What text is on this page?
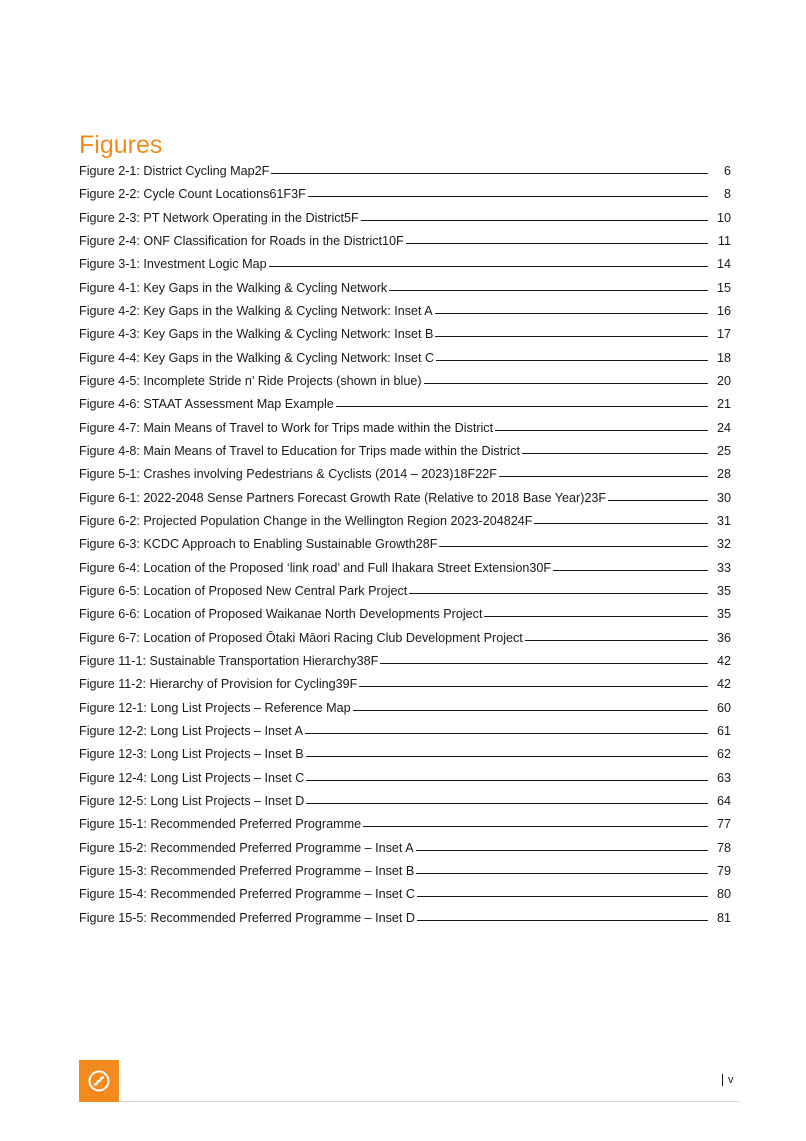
Figures
Figure 2-1: District Cycling Map2F	6
Figure 2-2: Cycle Count Locations61F3F	8
Figure 2-3: PT Network Operating in the District5F	10
Figure 2-4: ONF Classification for Roads in the District10F	11
Figure 3-1: Investment Logic Map	14
Figure 4-1: Key Gaps in the Walking & Cycling Network	15
Figure 4-2: Key Gaps in the Walking & Cycling Network: Inset A	16
Figure 4-3: Key Gaps in the Walking & Cycling Network: Inset B	17
Figure 4-4: Key Gaps in the Walking & Cycling Network: Inset C	18
Figure 4-5: Incomplete Stride n’ Ride Projects (shown in blue)	20
Figure 4-6: STAAT Assessment Map Example	21
Figure 4-7: Main Means of Travel to Work for Trips made within the District	24
Figure 4-8: Main Means of Travel to Education for Trips made within the District	25
Figure 5-1: Crashes involving Pedestrians & Cyclists (2014 – 2023)18F22F	28
Figure 6-1: 2022-2048 Sense Partners Forecast Growth Rate (Relative to 2018 Base Year)23F	30
Figure 6-2: Projected Population Change in the Wellington Region 2023-204824F	31
Figure 6-3: KCDC Approach to Enabling Sustainable Growth28F	32
Figure 6-4: Location of the Proposed ‘link road’ and Full Ihakara Street Extension30F	33
Figure 6-5: Location of Proposed New Central Park Project	35
Figure 6-6: Location of Proposed Waikanae North Developments Project	35
Figure 6-7: Location of Proposed Ōtaki Māori Racing Club Development Project	36
Figure 11-1: Sustainable Transportation Hierarchy38F	42
Figure 11-2: Hierarchy of Provision for Cycling39F	42
Figure 12-1: Long List Projects – Reference Map	60
Figure 12-2: Long List Projects – Inset A	61
Figure 12-3: Long List Projects – Inset B	62
Figure 12-4: Long List Projects – Inset C	63
Figure 12-5: Long List Projects – Inset D	64
Figure 15-1: Recommended Preferred Programme	77
Figure 15-2: Recommended Preferred Programme – Inset A	78
Figure 15-3: Recommended Preferred Programme – Inset B	79
Figure 15-4: Recommended Preferred Programme – Inset C	80
Figure 15-5: Recommended Preferred Programme – Inset D	81
v
